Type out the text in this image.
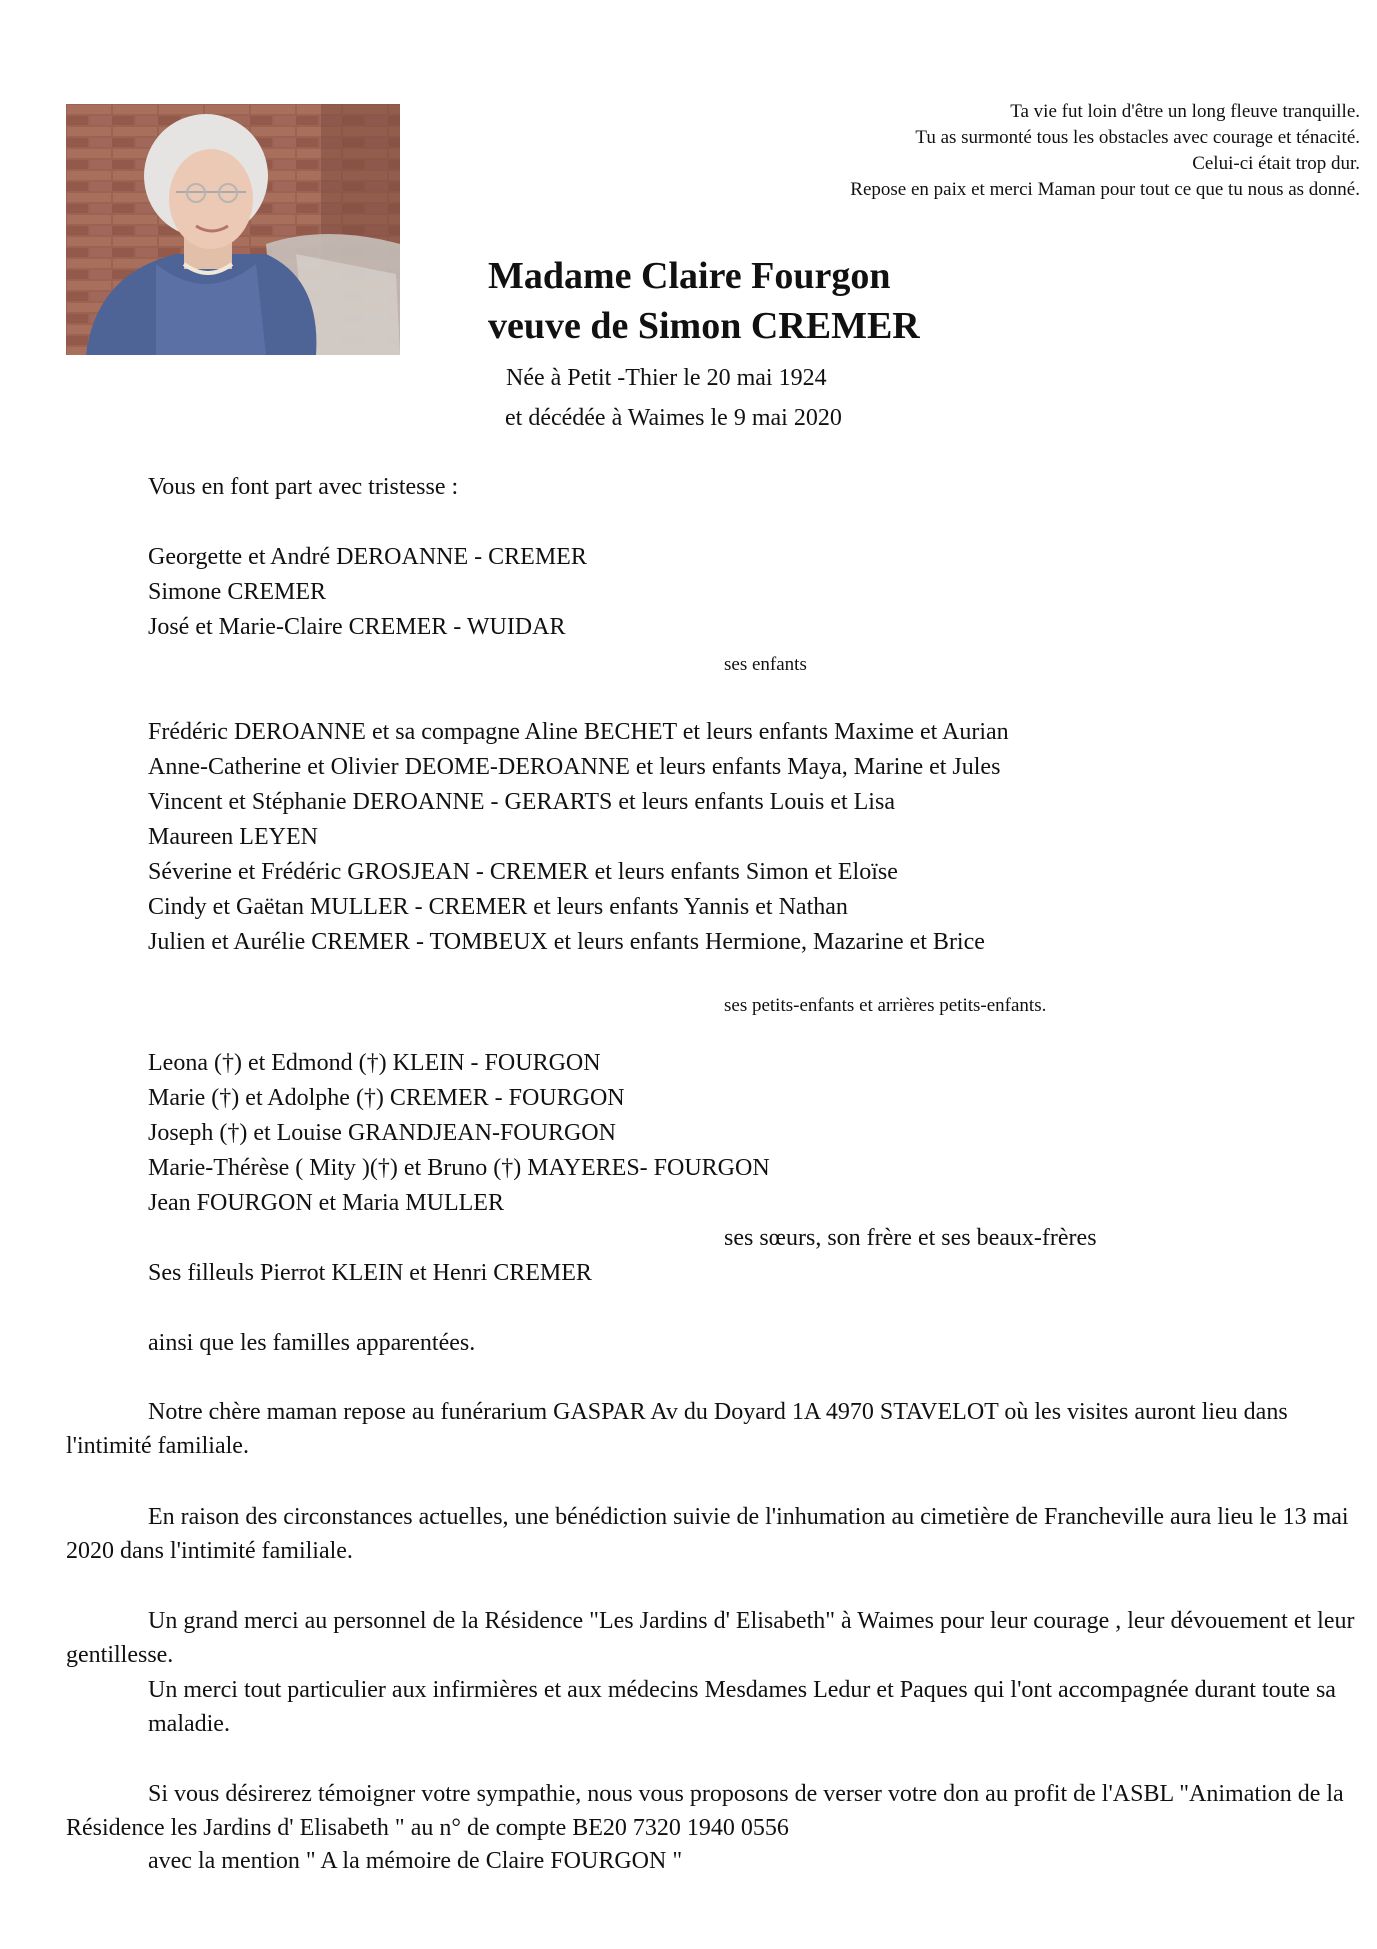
Ta vie fut loin d'être un long fleuve tranquille.
Tu as surmonté tous les obstacles avec courage et ténacité.
Celui-ci était trop dur.
Repose en paix et merci Maman pour tout ce que tu nous as donné.
Madame Claire Fourgon
veuve de Simon CREMER
Née à Petit -Thier le 20 mai 1924
et décédée à Waimes le 9 mai 2020
Vous en font part avec tristesse :
Georgette et André DEROANNE - CREMER
Simone CREMER
José et Marie-Claire CREMER - WUIDAR
ses enfants
Frédéric DEROANNE et sa compagne Aline BECHET et leurs enfants Maxime et Aurian
Anne-Catherine et Olivier DEOME-DEROANNE et leurs enfants Maya, Marine et Jules
Vincent et Stéphanie DEROANNE - GERARTS et leurs enfants Louis et Lisa
Maureen LEYEN
Séverine et Frédéric GROSJEAN - CREMER et leurs enfants Simon et Eloïse
Cindy et Gaëtan MULLER - CREMER et leurs enfants Yannis et Nathan
Julien et Aurélie CREMER - TOMBEUX et leurs enfants Hermione, Mazarine et Brice
ses petits-enfants et arrières petits-enfants.
Leona (†) et Edmond (†) KLEIN - FOURGON
Marie (†) et Adolphe (†) CREMER - FOURGON
Joseph (†) et Louise GRANDJEAN-FOURGON
Marie-Thérèse ( Mity )(†) et Bruno (†) MAYERES- FOURGON
Jean FOURGON et Maria MULLER
ses sœurs, son frère et ses beaux-frères
Ses filleuls Pierrot KLEIN et Henri CREMER
ainsi que les familles apparentées.
Notre chère maman repose au funérarium GASPAR Av du Doyard 1A 4970 STAVELOT où les visites auront lieu dans l'intimité familiale.
En raison des circonstances actuelles, une bénédiction suivie de l'inhumation au cimetière de Francheville aura lieu le 13 mai 2020 dans l'intimité familiale.
Un grand merci au personnel de la Résidence "Les Jardins d' Elisabeth" à Waimes pour leur courage , leur dévouement et leur gentillesse.
Un merci tout particulier aux infirmières et aux médecins Mesdames Ledur et Paques qui l'ont accompagnée durant toute sa maladie.
Si vous désirerez témoigner votre sympathie, nous vous proposons de verser votre don au profit de l'ASBL "Animation de la Résidence les Jardins d' Elisabeth " au n° de compte BE20 7320 1940 0556
avec la mention " A la mémoire de Claire FOURGON "
